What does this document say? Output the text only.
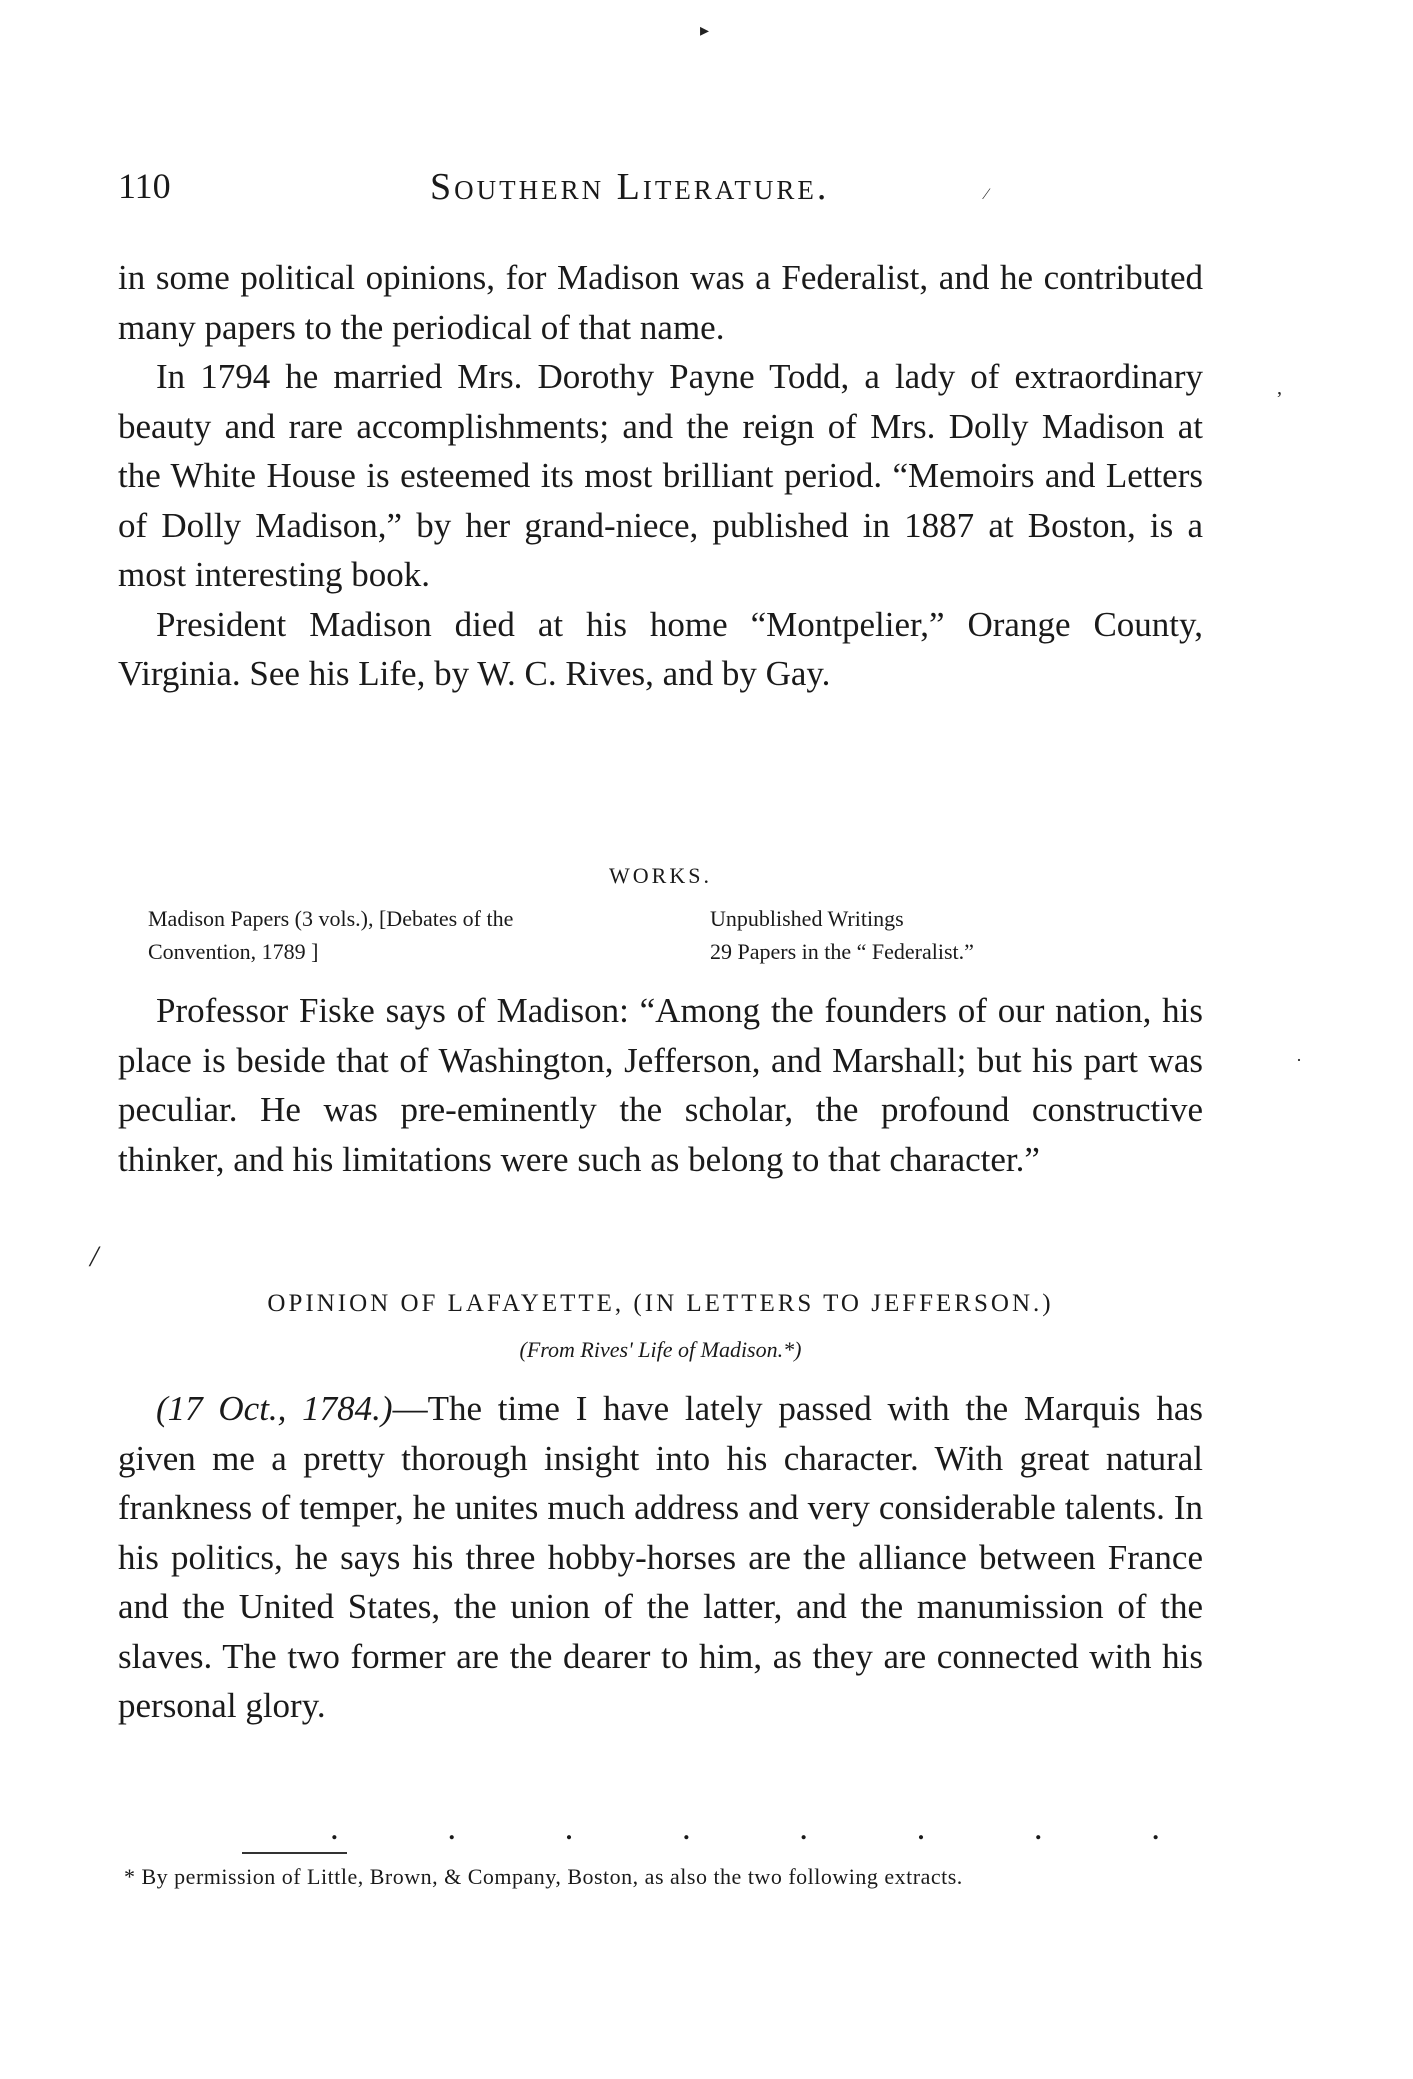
▸
⁄
’
·
/
110	Southern Literature.

in some political opinions, for Madison was a Federalist, and he contributed many papers to the periodical of that name.

In 1794 he married Mrs. Dorothy Payne Todd, a lady of extraordinary beauty and rare accomplishments; and the reign of Mrs. Dolly Madison at the White House is esteemed its most brilliant period. “Memoirs and Letters of Dolly Madison,” by her grand-niece, published in 1887 at Boston, is a most interesting book.

President Madison died at his home “Montpelier,” Orange County, Virginia. See his Life, by W. C. Rives, and by Gay.

WORKS.
Madison Papers (3 vols.), [Debates of the
Convention, 1789 ]
Unpublished Writings
29 Papers in the “ Federalist.”

Professor Fiske says of Madison: “Among the founders of our nation, his place is beside that of Washington, Jefferson, and Marshall; but his part was peculiar. He was pre-eminently the scholar, the profound constructive thinker, and his limitations were such as belong to that character.”

OPINION OF LAFAYETTE, (IN LETTERS TO JEFFERSON.)
(From Rives' Life of Madison.*)

(17 Oct., 1784.)—The time I have lately passed with the Marquis has given me a pretty thorough insight into his character. With great natural frankness of temper, he unites much address and very considerable talents. In his politics, he says his three hobby-horses are the alliance between France and the United States, the union of the latter, and the manumission of the slaves. The two former are the dearer to him, as they are connected with his personal glory.

.	.	.	.	.	.	.	.
* By permission of Little, Brown, & Company, Boston, as also the two following extracts.
